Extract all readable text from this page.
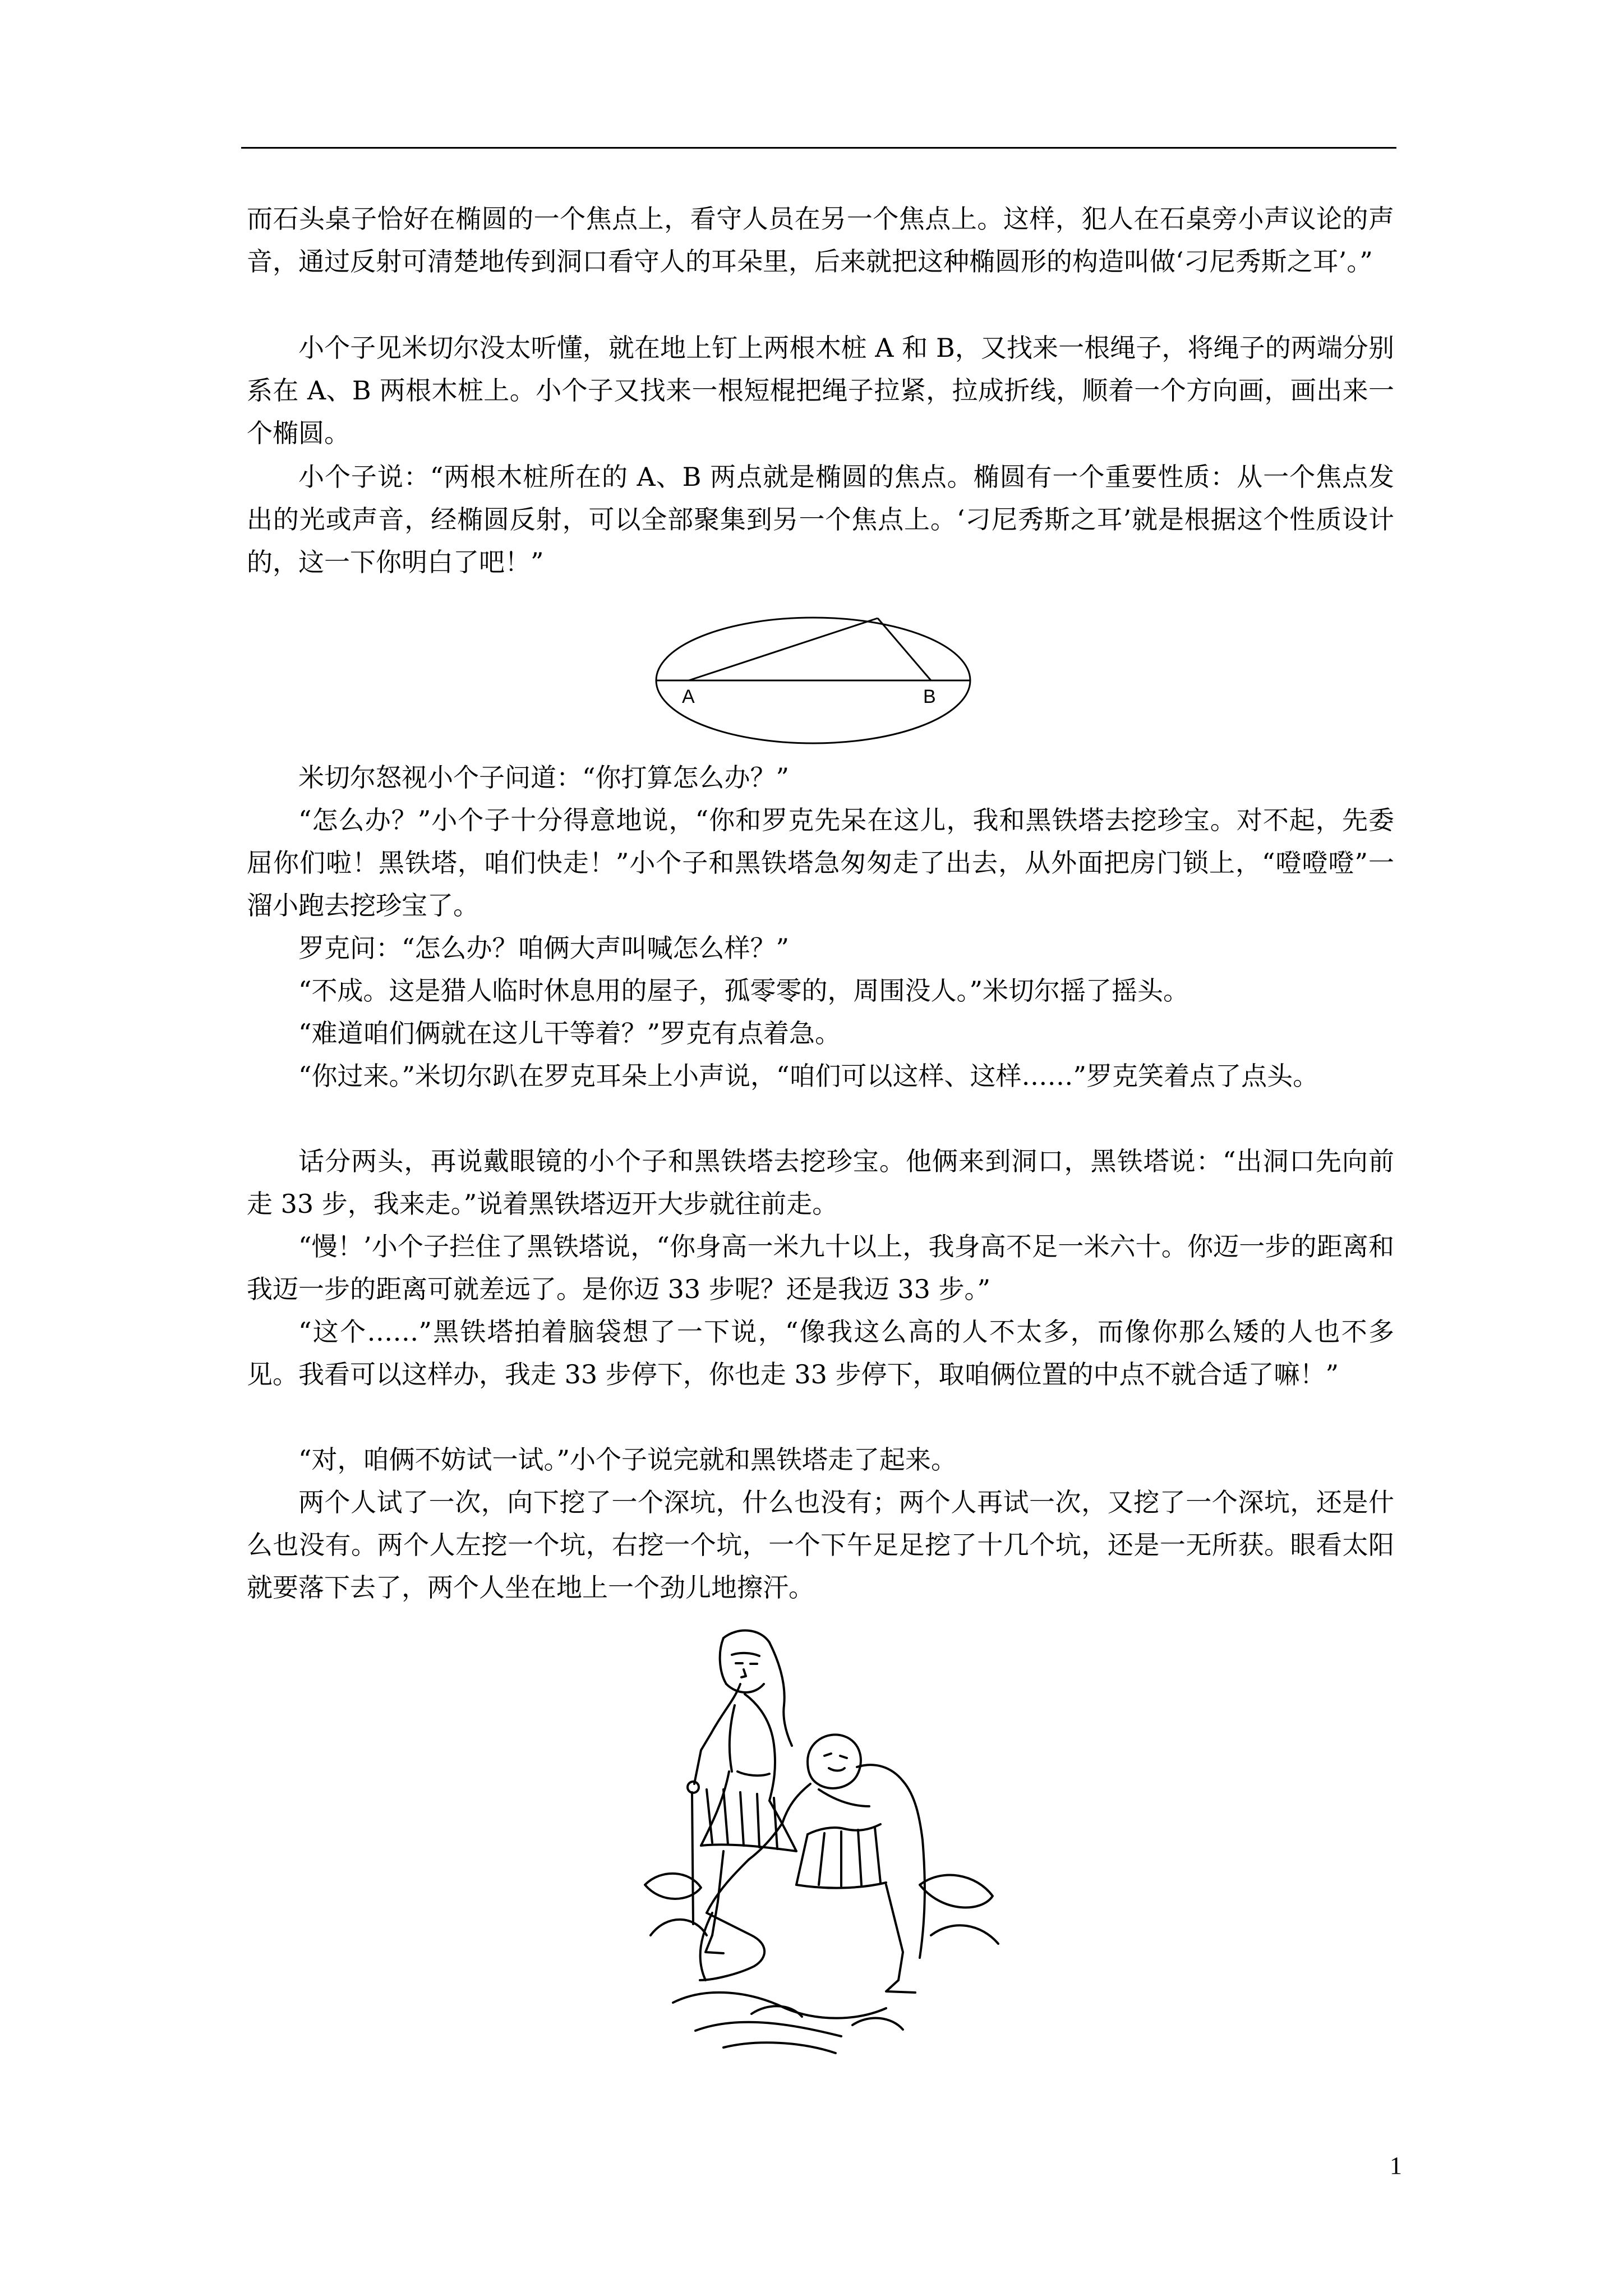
而石头桌子恰好在椭圆的一个焦点上，看守人员在另一个焦点上。这样，犯人在石桌旁小声议论的声音，通过反射可清楚地传到洞口看守人的耳朵里，后来就把这种椭圆形的构造叫做‘刁尼秀斯之耳’。”

小个子见米切尔没太听懂，就在地上钉上两根木桩 A 和 B，又找来一根绳子，将绳子的两端分别系在 A、B 两根木桩上。小个子又找来一根短棍把绳子拉紧，拉成折线，顺着一个方向画，画出来一个椭圆。

小个子说：“两根木桩所在的 A、B 两点就是椭圆的焦点。椭圆有一个重要性质：从一个焦点发出的光或声音，经椭圆反射，可以全部聚集到另一个焦点上。‘刁尼秀斯之耳’就是根据这个性质设计的，这一下你明白了吧！”

A	B

米切尔怒视小个子问道：“你打算怎么办？”

“怎么办？”小个子十分得意地说，“你和罗克先呆在这儿，我和黑铁塔去挖珍宝。对不起，先委屈你们啦！黑铁塔，咱们快走！”小个子和黑铁塔急匆匆走了出去，从外面把房门锁上，“噔噔噔”一溜小跑去挖珍宝了。

罗克问：“怎么办？咱俩大声叫喊怎么样？”

“不成。这是猎人临时休息用的屋子，孤零零的，周围没人。”米切尔摇了摇头。

“难道咱们俩就在这儿干等着？”罗克有点着急。

“你过来。”米切尔趴在罗克耳朵上小声说，“咱们可以这样、这样……”罗克笑着点了点头。

话分两头，再说戴眼镜的小个子和黑铁塔去挖珍宝。他俩来到洞口，黑铁塔说：“出洞口先向前走 33 步，我来走。”说着黑铁塔迈开大步就往前走。

“慢！’小个子拦住了黑铁塔说，“你身高一米九十以上，我身高不足一米六十。你迈一步的距离和我迈一步的距离可就差远了。是你迈 33 步呢？还是我迈 33 步。”

“这个……”黑铁塔拍着脑袋想了一下说，“像我这么高的人不太多，而像你那么矮的人也不多见。我看可以这样办，我走 33 步停下，你也走 33 步停下，取咱俩位置的中点不就合适了嘛！”

“对，咱俩不妨试一试。”小个子说完就和黑铁塔走了起来。

两个人试了一次，向下挖了一个深坑，什么也没有；两个人再试一次，又挖了一个深坑，还是什么也没有。两个人左挖一个坑，右挖一个坑，一个下午足足挖了十几个坑，还是一无所获。眼看太阳就要落下去了，两个人坐在地上一个劲儿地擦汗。

1
